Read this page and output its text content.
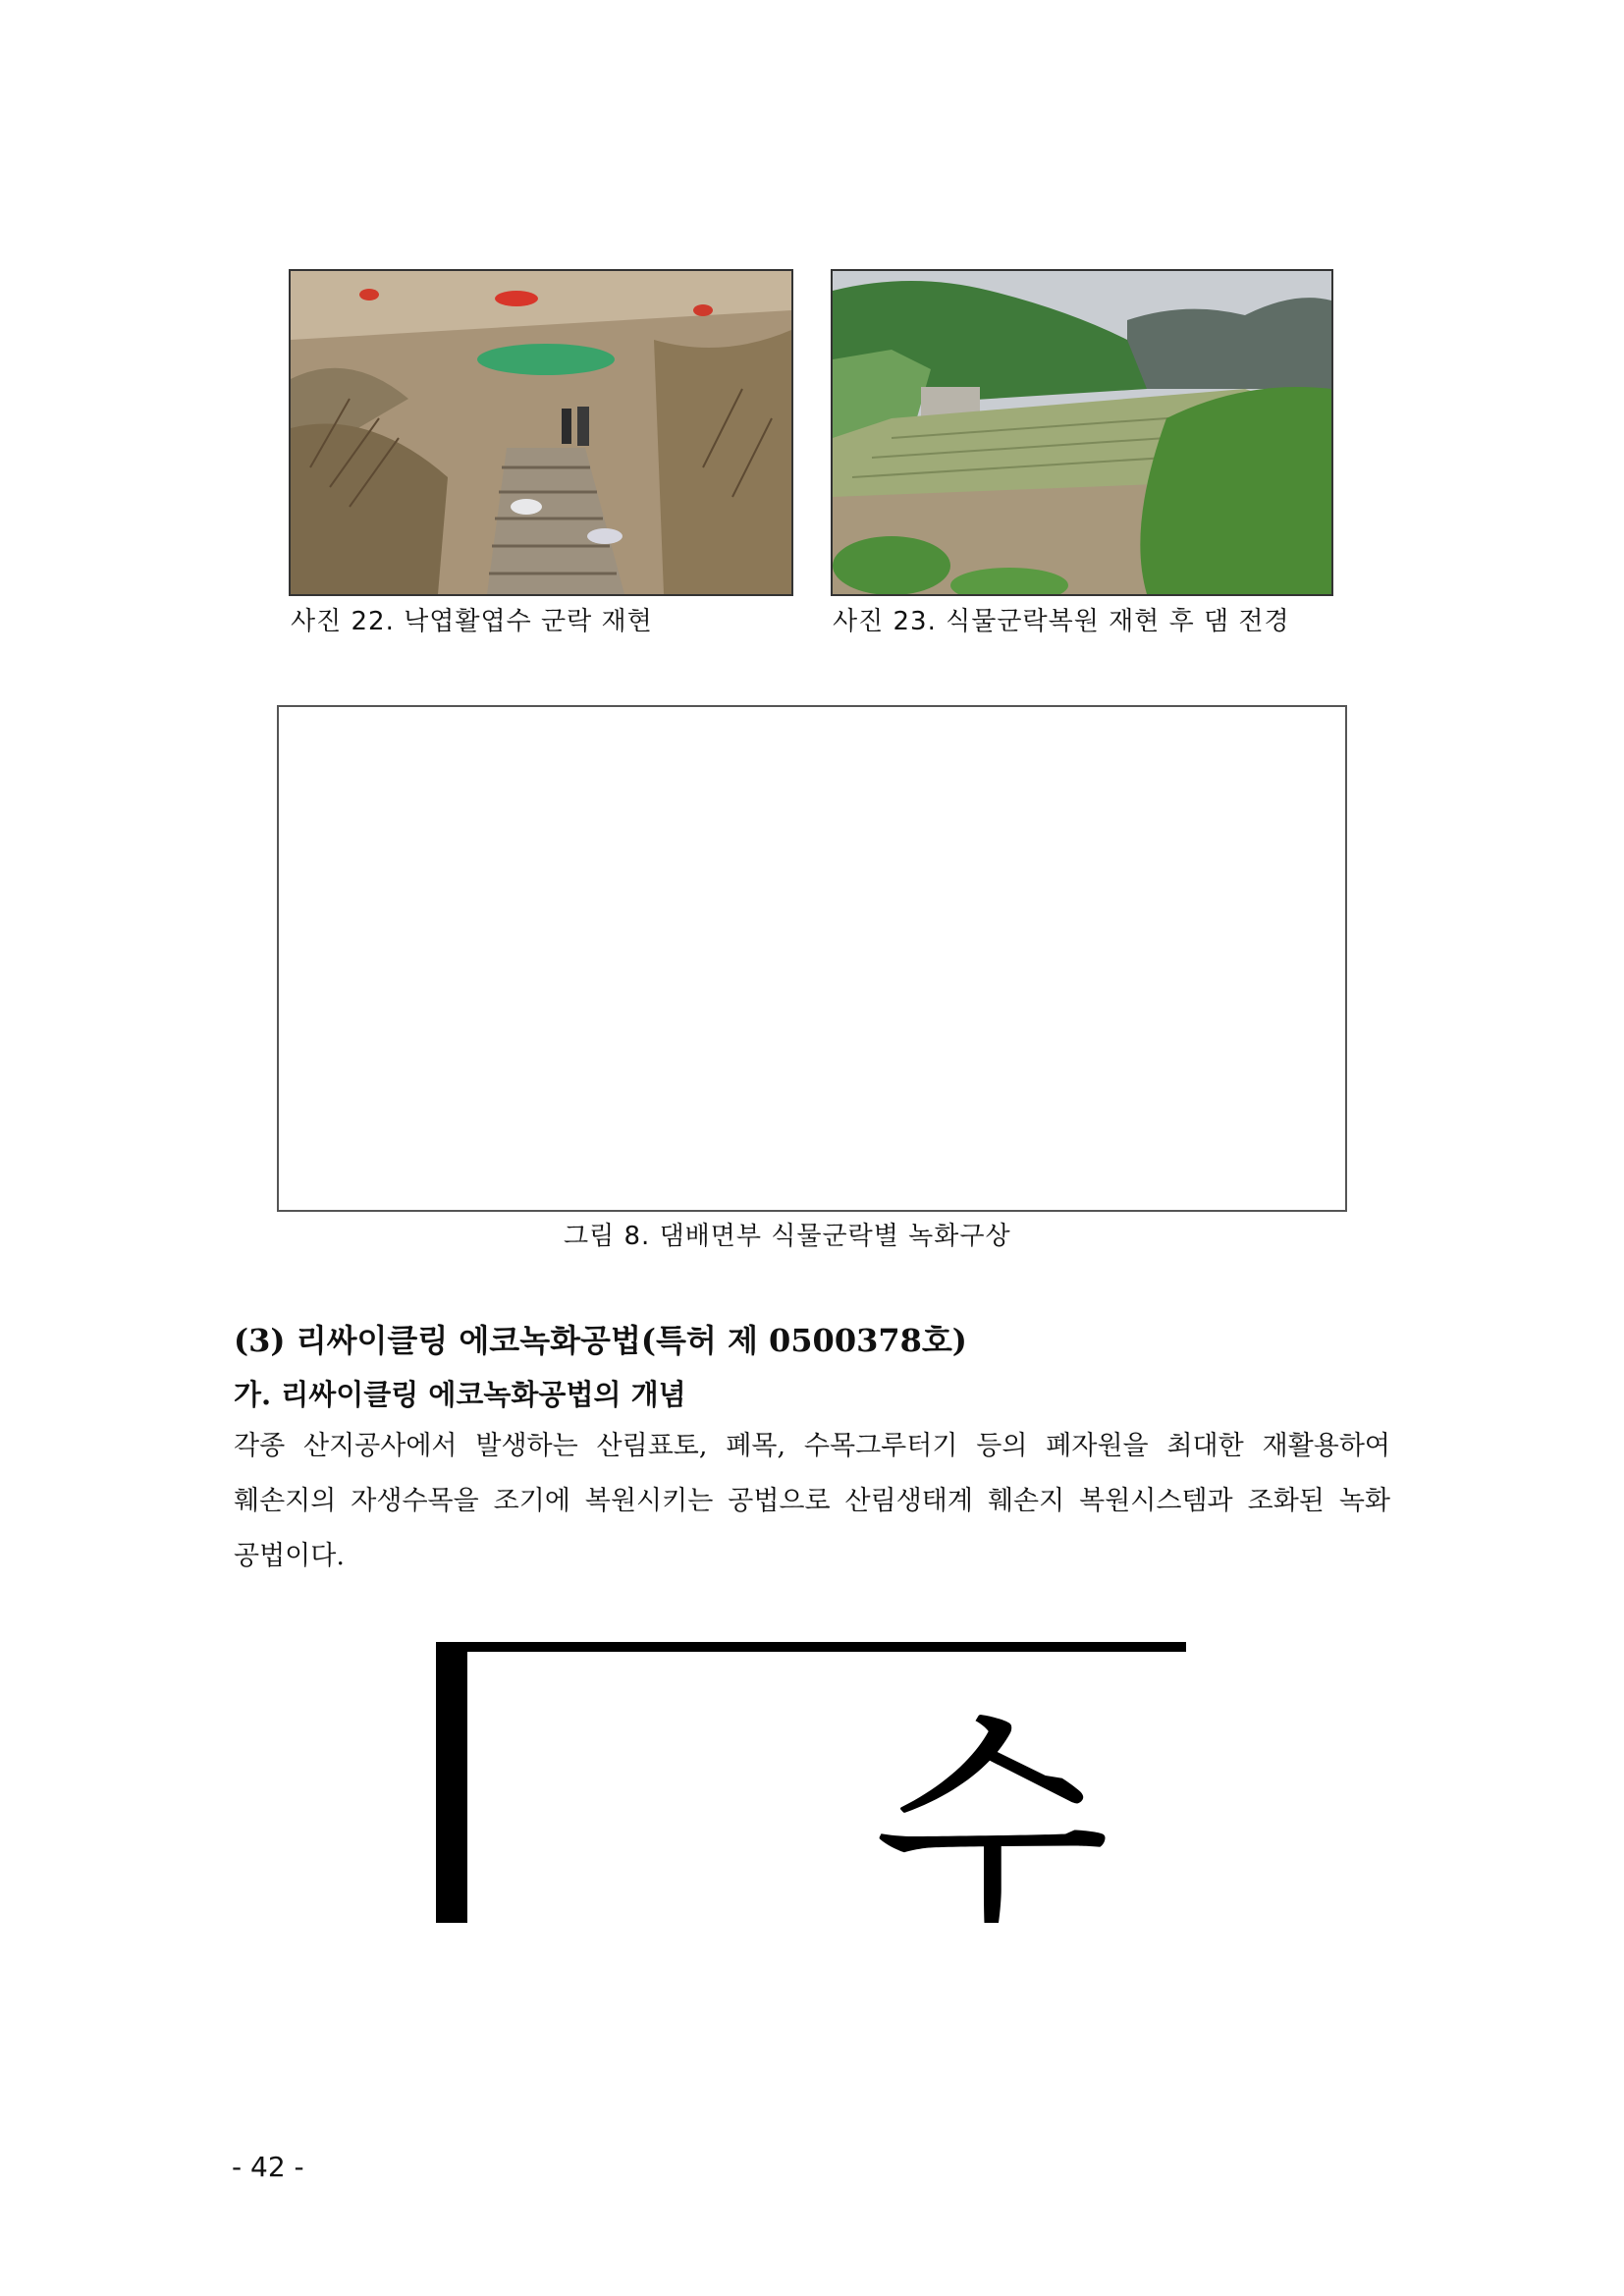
사진 22. 낙엽활엽수 군락 재현	사진 23. 식물군락복원 재현 후 댐 전경
그림 8. 댐배면부 식물군락별 녹화구상
(3) 리싸이클링 에코녹화공법(특허 제 0500378호)
가. 리싸이클링 에코녹화공법의 개념
각종 산지공사에서 발생하는 산림표토, 폐목, 수목그루터기 등의 폐자원을 최대한 재활용하여
훼손지의 자생수목을 조기에 복원시키는 공법으로 산림생태계 훼손지 복원시스템과 조화된 녹화
공법이다.
수
- 42 -
